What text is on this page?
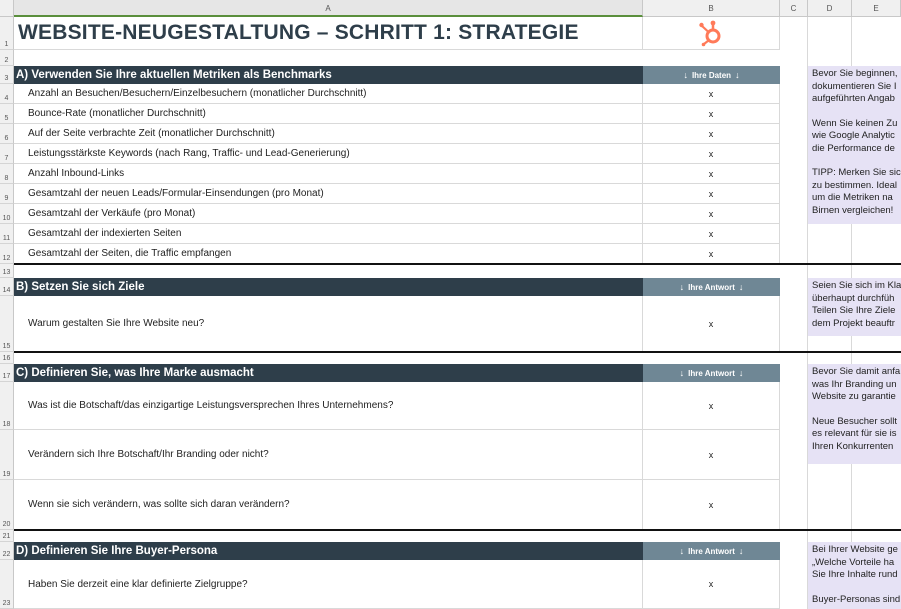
A	B	C	D	E
1
2
3
4
5
6
7
8
9
10
11
12
13
14
15
16
17
18
19
20
21
22
23
WEBSITE-NEUGESTALTUNG – SCHRITT 1: STRATEGIE
A) Verwenden Sie Ihre aktuellen Metriken als Benchmarks	↓ Ihre Daten ↓
Anzahl an Besuchen/Besuchern/Einzelbesuchern (monatlicher Durchschnitt)	x
Bounce-Rate (monatlicher Durchschnitt)	x
Auf der Seite verbrachte Zeit (monatlicher Durchschnitt)	x
Leistungsstärkste Keywords (nach Rang, Traffic- und Lead-Generierung)	x
Anzahl Inbound-Links	x
Gesamtzahl der neuen Leads/Formular-Einsendungen (pro Monat)	x
Gesamtzahl der Verkäufe (pro Monat)	x
Gesamtzahl der indexierten Seiten	x
Gesamtzahl der Seiten, die Traffic empfangen	x

Bevor Sie beginnen,

dokumentieren Sie I

aufgeführten Angab

Wenn Sie keinen Zu

wie Google Analytic

die Performance de

TIPP: Merken Sie sic

zu bestimmen. Ideal

um die Metriken na

Birnen vergleichen!

B) Setzen Sie sich Ziele	↓ Ihre Antwort ↓
Warum gestalten Sie Ihre Website neu?	x

Seien Sie sich im Kla

überhaupt durchfüh

Teilen Sie Ihre Ziele

dem Projekt beauftr

C) Definieren Sie, was Ihre Marke ausmacht	↓ Ihre Antwort ↓
Was ist die Botschaft/das einzigartige Leistungsversprechen Ihres Unternehmens?	x
Verändern sich Ihre Botschaft/Ihr Branding oder nicht?	x
Wenn sie sich verändern, was sollte sich daran verändern?	x

Bevor Sie damit anfa

was Ihr Branding un

Website zu garantie

Neue Besucher sollt

es relevant für sie is

Ihren Konkurrenten

D) Definieren Sie Ihre Buyer-Persona	↓ Ihre Antwort ↓
Haben Sie derzeit eine klar definierte Zielgruppe?	x

Bei Ihrer Website ge

„Welche Vorteile ha

Sie Ihre Inhalte rund

Buyer-Personas sind
